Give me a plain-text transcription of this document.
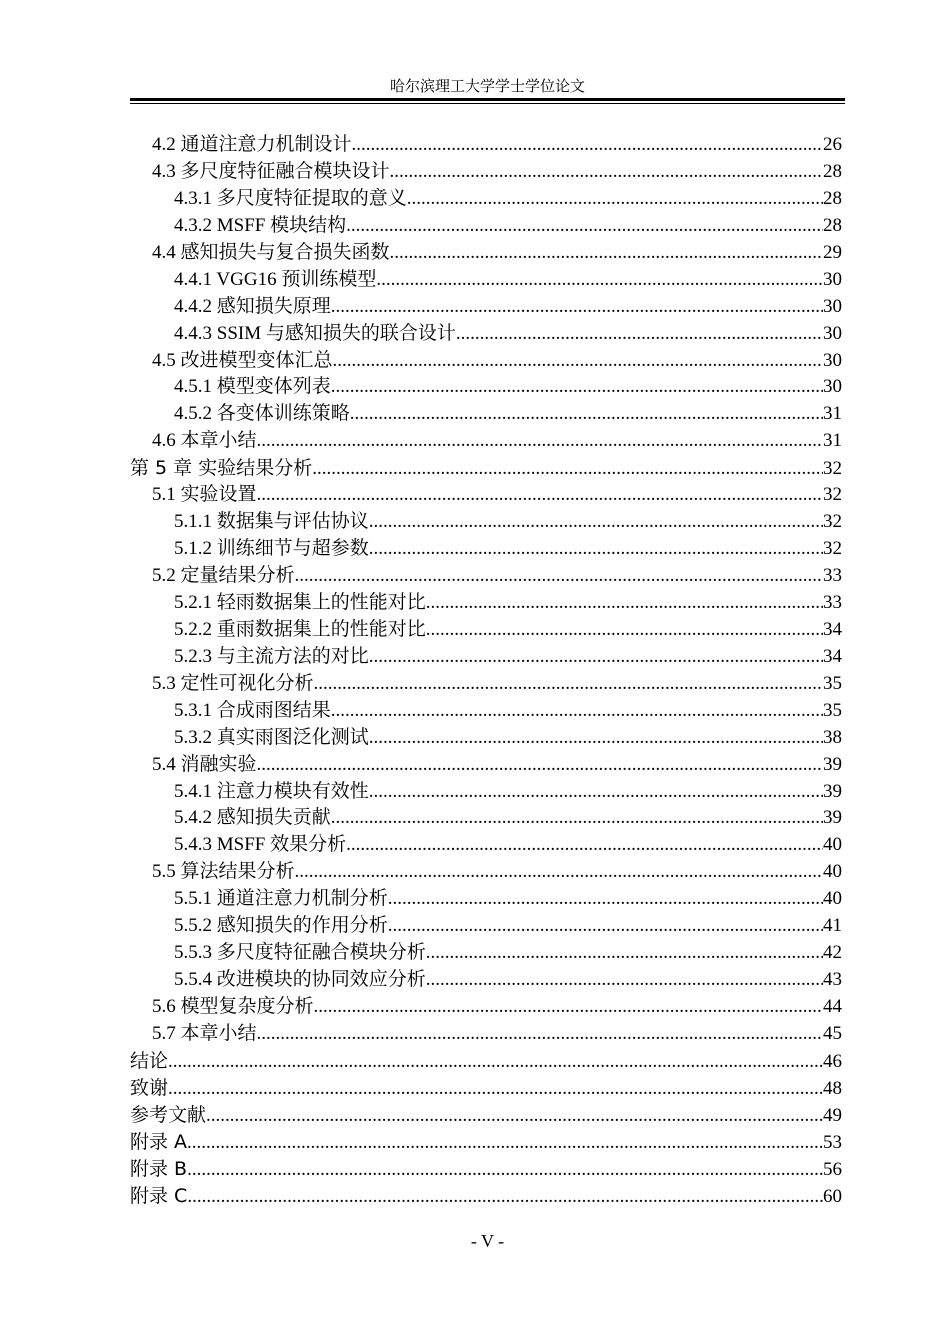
哈尔滨理工大学学士学位论文
4.2 通道注意力机制设计 .....	26
4.3 多尺度特征融合模块设计 .....	28
4.3.1 多尺度特征提取的意义 .....	28
4.3.2 MSFF 模块结构 .....	28
4.4 感知损失与复合损失函数 .....	29
4.4.1 VGG16 预训练模型 .....	30
4.4.2 感知损失原理 .....	30
4.4.3 SSIM 与感知损失的联合设计 .....	30
4.5 改进模型变体汇总 .....	30
4.5.1 模型变体列表 .....	30
4.5.2 各变体训练策略 .....	31
4.6 本章小结 .....	31
第 5 章 实验结果分析 .....	32
5.1 实验设置 .....	32
5.1.1 数据集与评估协议 .....	32
5.1.2 训练细节与超参数 .....	32
5.2 定量结果分析 .....	33
5.2.1 轻雨数据集上的性能对比 .....	33
5.2.2 重雨数据集上的性能对比 .....	34
5.2.3 与主流方法的对比 .....	34
5.3 定性可视化分析 .....	35
5.3.1 合成雨图结果 .....	35
5.3.2 真实雨图泛化测试 .....	38
5.4 消融实验 .....	39
5.4.1 注意力模块有效性 .....	39
5.4.2 感知损失贡献 .....	39
5.4.3 MSFF 效果分析 .....	40
5.5 算法结果分析 .....	40
5.5.1 通道注意力机制分析 .....	40
5.5.2 感知损失的作用分析 .....	41
5.5.3 多尺度特征融合模块分析 .....	42
5.5.4 改进模块的协同效应分析 .....	43
5.6 模型复杂度分析 .....	44
5.7 本章小结 .....	45
结论 .....	46
致谢 .....	48
参考文献 .....	49
附录 A .....	53
附录 B .....	56
附录 C .....	60
- V -
